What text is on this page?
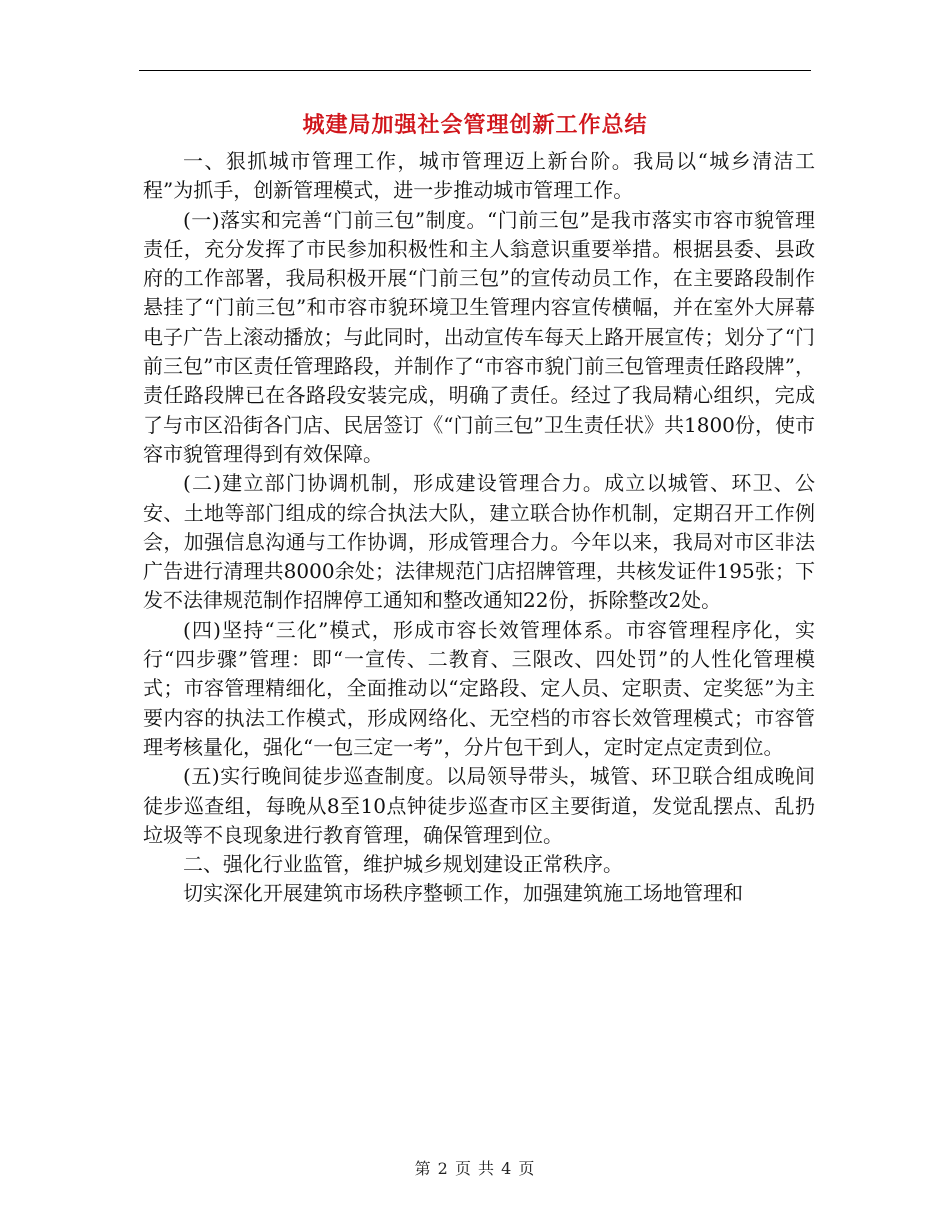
城建局加强社会管理创新工作总结

一、狠抓城市管理工作，城市管理迈上新台阶。我局以“城乡清洁工程”为抓手，创新管理模式，进一步推动城市管理工作。

(一)落实和完善“门前三包”制度。“门前三包”是我市落实市容市貌管理责任，充分发挥了市民参加积极性和主人翁意识重要举措。根据县委、县政府的工作部署，我局积极开展“门前三包”的宣传动员工作，在主要路段制作悬挂了“门前三包”和市容市貌环境卫生管理内容宣传横幅，并在室外大屏幕电子广告上滚动播放；与此同时，出动宣传车每天上路开展宣传；划分了“门前三包”市区责任管理路段，并制作了“市容市貌门前三包管理责任路段牌”，责任路段牌已在各路段安装完成，明确了责任。经过了我局精心组织，完成了与市区沿街各门店、民居签订《“门前三包”卫生责任状》共1800份，使市容市貌管理得到有效保障。

(二)建立部门协调机制，形成建设管理合力。成立以城管、环卫、公安、土地等部门组成的综合执法大队，建立联合协作机制，定期召开工作例会，加强信息沟通与工作协调，形成管理合力。今年以来，我局对市区非法广告进行清理共8000余处；法律规范门店招牌管理，共核发证件195张；下发不法律规范制作招牌停工通知和整改通知22份，拆除整改2处。

(四)坚持“三化”模式，形成市容长效管理体系。市容管理程序化，实行“四步骤”管理：即“一宣传、二教育、三限改、四处罚”的人性化管理模式；市容管理精细化，全面推动以“定路段、定人员、定职责、定奖惩”为主要内容的执法工作模式，形成网络化、无空档的市容长效管理模式；市容管理考核量化，强化“一包三定一考”，分片包干到人，定时定点定责到位。

(五)实行晚间徒步巡查制度。以局领导带头，城管、环卫联合组成晚间徒步巡查组，每晚从8至10点钟徒步巡查市区主要街道，发觉乱摆点、乱扔垃圾等不良现象进行教育管理，确保管理到位。

二、强化行业监管，维护城乡规划建设正常秩序。

切实深化开展建筑市场秩序整顿工作，加强建筑施工场地管理和

第 2 页 共 4 页
